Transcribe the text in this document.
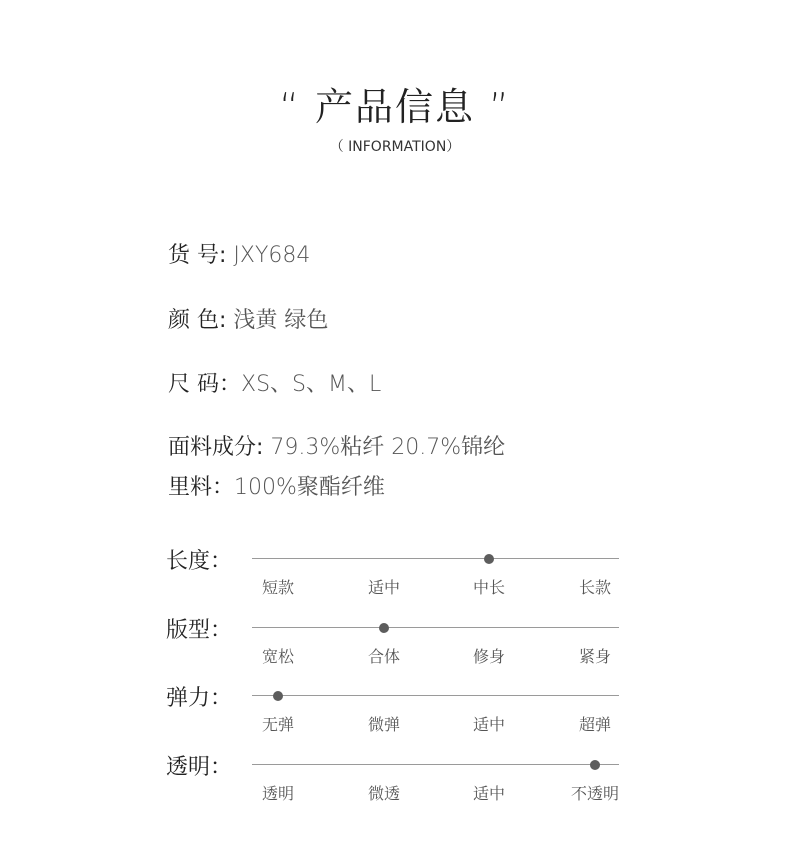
“ 产品信息 ”
（ INFORMATION）
货 号: JXY684
颜 色: 浅黄 绿色
尺 码：XS、S、M、L
面料成分: 79.3%粘纤 20.7%锦纶
里料：100%聚酯纤维
长度：
短款	适中	中长	长款
版型：
宽松	合体	修身	紧身
弹力：
无弹	微弹	适中	超弹
透明：
透明	微透	适中	不透明
